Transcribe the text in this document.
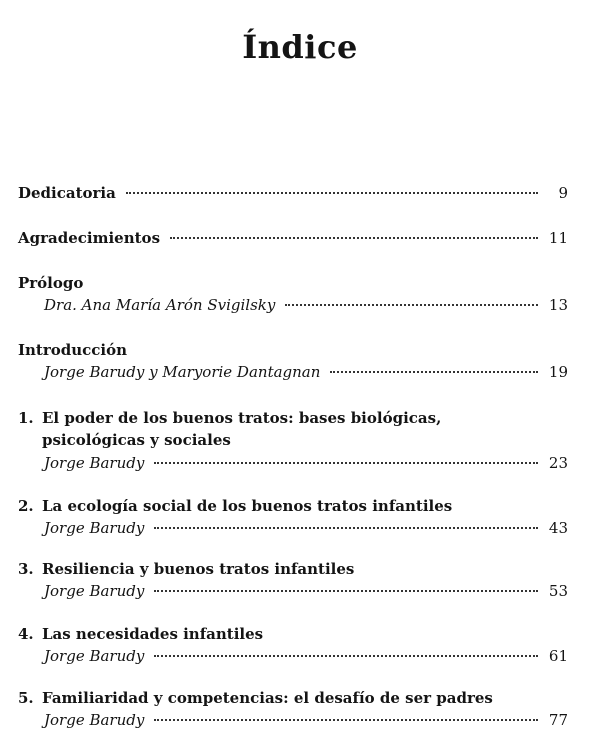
Índice
Dedicatoria	9
Agradecimientos	11
Prólogo
Dra. Ana María Arón Svigilsky	13
Introducción
Jorge Barudy y Maryorie Dantagnan	19
1. El poder de los buenos tratos: bases biológicas,
psicológicas y sociales
Jorge Barudy	23
2. La ecología social de los buenos tratos infantiles
Jorge Barudy	43
3. Resiliencia y buenos tratos infantiles
Jorge Barudy	53
4. Las necesidades infantiles
Jorge Barudy	61
5. Familiaridad y competencias: el desafío de ser padres
Jorge Barudy	77
